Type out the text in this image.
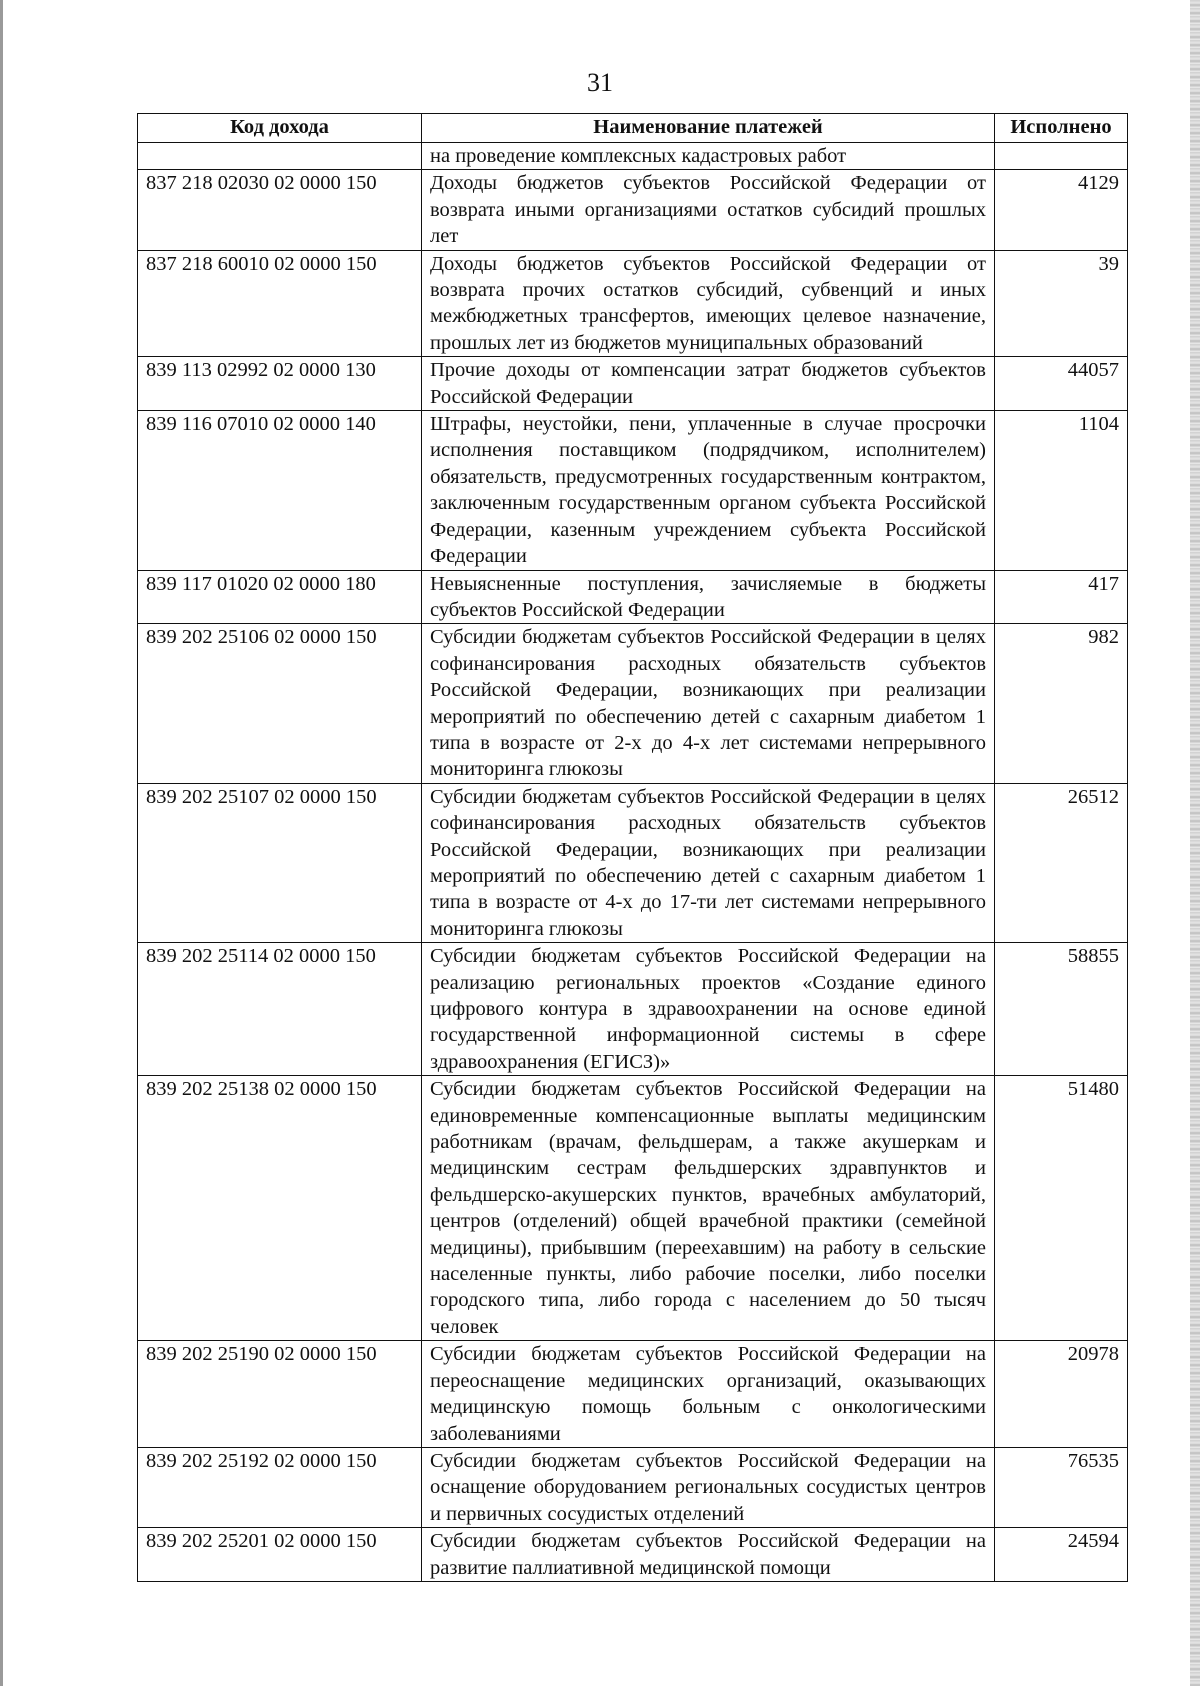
31
Код дохода	Наименование платежей	Исполнено
	на проведение комплексных кадастровых работ	
837 218 02030 02 0000 150	Доходы бюджетов субъектов Российской Федерации от возврата иными организациями остатков субсидий прошлых лет	4129
837 218 60010 02 0000 150	Доходы бюджетов субъектов Российской Федерации от возврата прочих остатков субсидий, субвенций и иных межбюджетных трансфертов, имеющих целевое назначение, прошлых лет из бюджетов муниципальных образований	39
839 113 02992 02 0000 130	Прочие доходы от компенсации затрат бюджетов субъектов Российской Федерации	44057
839 116 07010 02 0000 140	Штрафы, неустойки, пени, уплаченные в случае просрочки исполнения поставщиком (подрядчиком, исполнителем) обязательств, предусмотренных государственным контрактом, заключенным государственным органом субъекта Российской Федерации, казенным учреждением субъекта Российской Федерации	1104
839 117 01020 02 0000 180	Невыясненные поступления, зачисляемые в бюджеты субъектов Российской Федерации	417
839 202 25106 02 0000 150	Субсидии бюджетам субъектов Российской Федерации в целях софинансирования расходных обязательств субъектов Российской Федерации, возникающих при реализации мероприятий по обеспечению детей с сахарным диабетом 1 типа в возрасте от 2-х до 4-х лет системами непрерывного мониторинга глюкозы	982
839 202 25107 02 0000 150	Субсидии бюджетам субъектов Российской Федерации в целях софинансирования расходных обязательств субъектов Российской Федерации, возникающих при реализации мероприятий по обеспечению детей с сахарным диабетом 1 типа в возрасте от 4-х до 17-ти лет системами непрерывного мониторинга глюкозы	26512
839 202 25114 02 0000 150	Субсидии бюджетам субъектов Российской Федерации на реализацию региональных проектов «Создание единого цифрового контура в здравоохранении на основе единой государственной информационной системы в сфере здравоохранения (ЕГИСЗ)»	58855
839 202 25138 02 0000 150	Субсидии бюджетам субъектов Российской Федерации на единовременные компенсационные выплаты медицинским работникам (врачам, фельдшерам, а также акушеркам и медицинским сестрам фельдшерских здравпунктов и фельдшерско-акушерских пунктов, врачебных амбулаторий, центров (отделений) общей врачебной практики (семейной медицины), прибывшим (переехавшим) на работу в сельские населенные пункты, либо рабочие поселки, либо поселки городского типа, либо города с населением до 50 тысяч человек	51480
839 202 25190 02 0000 150	Субсидии бюджетам субъектов Российской Федерации на переоснащение медицинских организаций, оказывающих медицинскую помощь больным с онкологическими заболеваниями	20978
839 202 25192 02 0000 150	Субсидии бюджетам субъектов Российской Федерации на оснащение оборудованием региональных сосудистых центров и первичных сосудистых отделений	76535
839 202 25201 02 0000 150	Субсидии бюджетам субъектов Российской Федерации на развитие паллиативной медицинской помощи	24594
